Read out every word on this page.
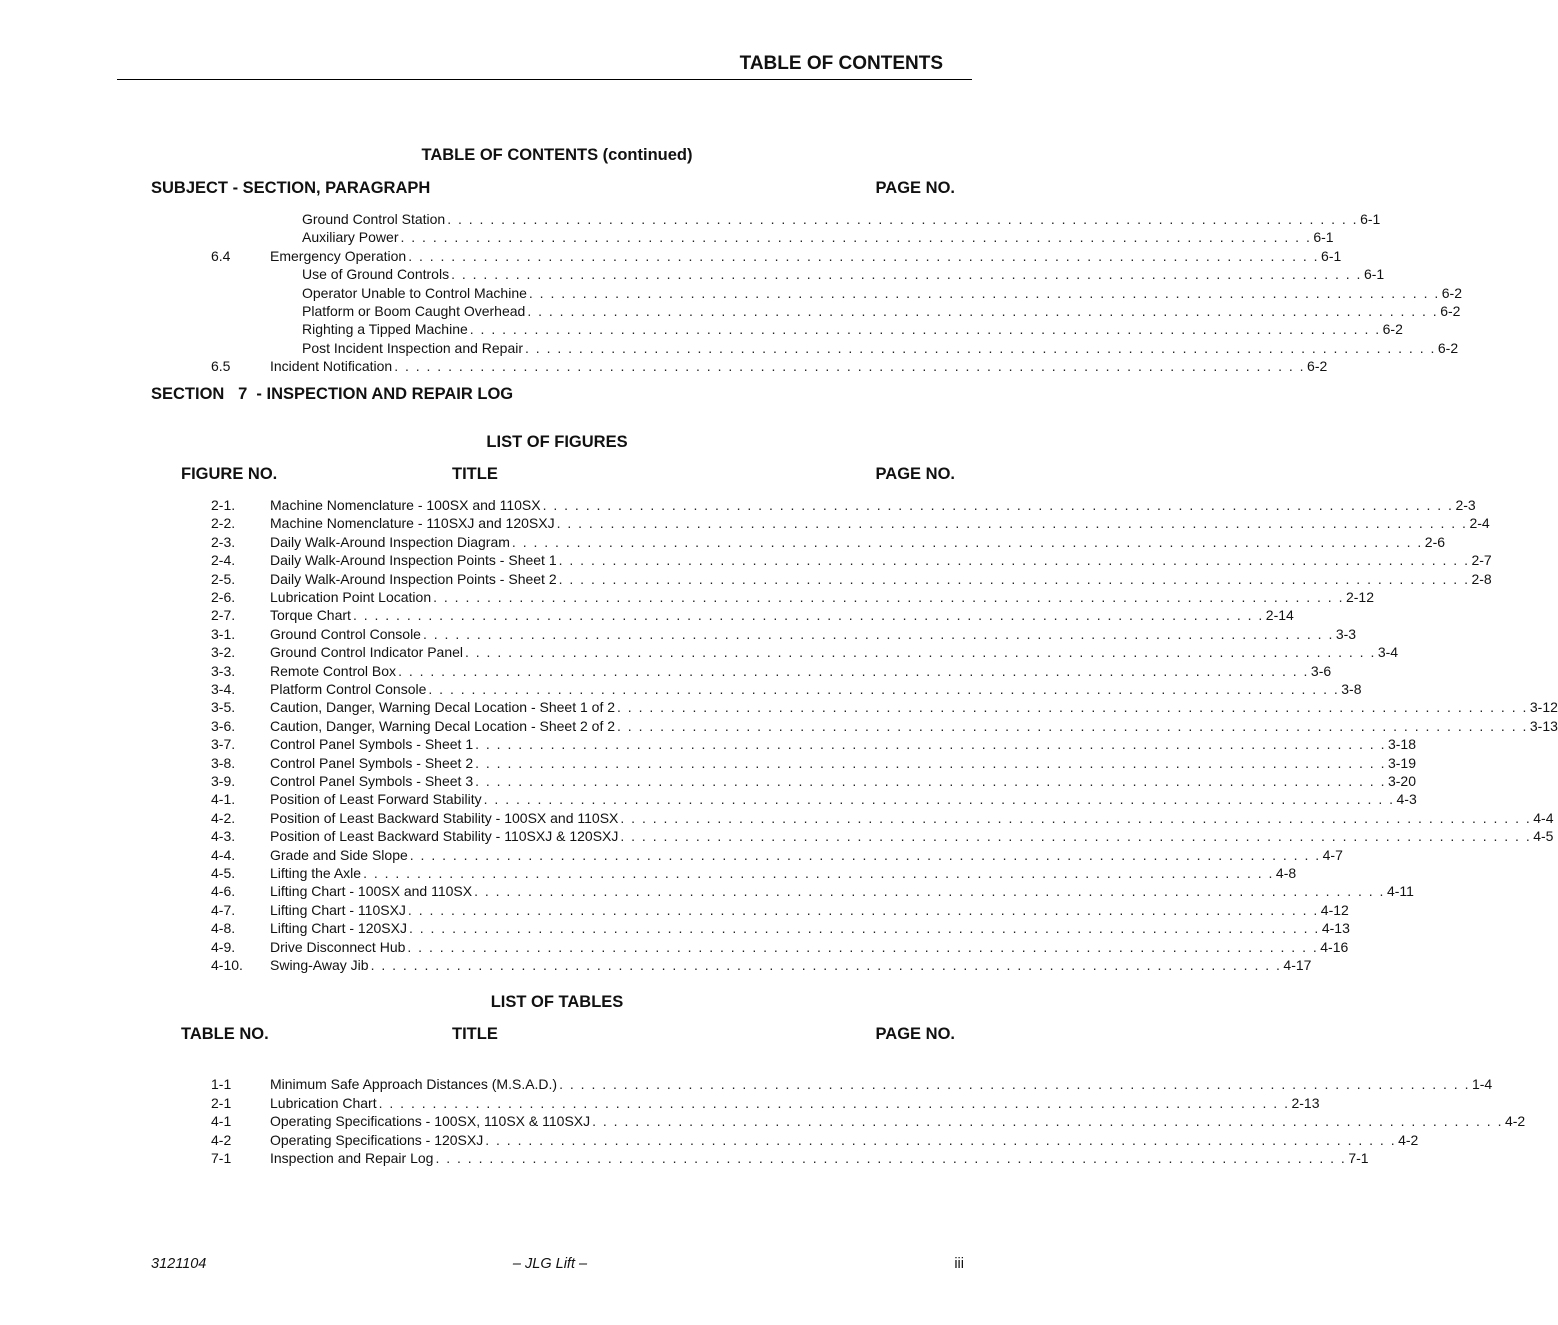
TABLE OF CONTENTS
TABLE OF CONTENTS (continued)
SUBJECT - SECTION, PARAGRAPH	PAGE NO.
Ground Control Station . . . . . . . . . . . . . . . . . . . . . . . . . . . . . . . . . . . . . . . . . . . . . . . . . . . . . . . . . . . . . . . . . . . . . . . . . . . . . . . . . . . . . 6-1
Auxiliary Power . . . . . . . . . . . . . . . . . . . . . . . . . . . . . . . . . . . . . . . . . . . . . . . . . . . . . . . . . . . . . . . . . . . . . . . . . . . . . . . . . . . . . 6-1
6.4	Emergency Operation . . . . . . . . . . . . . . . . . . . . . . . . . . . . . . . . . . . . . . . . . . . . . . . . . . . . . . . . . . . . . . . . . . . . . . . . . . . . . . . . . . . . . 6-1
Use of Ground Controls . . . . . . . . . . . . . . . . . . . . . . . . . . . . . . . . . . . . . . . . . . . . . . . . . . . . . . . . . . . . . . . . . . . . . . . . . . . . . . . . . . . . . 6-1
Operator Unable to Control Machine . . . . . . . . . . . . . . . . . . . . . . . . . . . . . . . . . . . . . . . . . . . . . . . . . . . . . . . . . . . . . . . . . . . . . . . . . . . . . . . . . . . . . 6-2
Platform or Boom Caught Overhead . . . . . . . . . . . . . . . . . . . . . . . . . . . . . . . . . . . . . . . . . . . . . . . . . . . . . . . . . . . . . . . . . . . . . . . . . . . . . . . . . . . . . 6-2
Righting a Tipped Machine . . . . . . . . . . . . . . . . . . . . . . . . . . . . . . . . . . . . . . . . . . . . . . . . . . . . . . . . . . . . . . . . . . . . . . . . . . . . . . . . . . . . . 6-2
Post Incident Inspection and Repair . . . . . . . . . . . . . . . . . . . . . . . . . . . . . . . . . . . . . . . . . . . . . . . . . . . . . . . . . . . . . . . . . . . . . . . . . . . . . . . . . . . . . 6-2
6.5	Incident Notification . . . . . . . . . . . . . . . . . . . . . . . . . . . . . . . . . . . . . . . . . . . . . . . . . . . . . . . . . . . . . . . . . . . . . . . . . . . . . . . . . . . . . 6-2
SECTION   7  - INSPECTION AND REPAIR LOG
LIST OF FIGURES
FIGURE NO.	TITLE	PAGE NO.
2-1. Machine Nomenclature - 100SX and 110SX . . . . . . . . . . . . . . . . . . . . . . . . . . . . . . . . . . . . . . . . . . . . . . . . . . . . . . . . . . . . . . . . . . . . . . . . . . . . . . . . . . . . . 2-3
2-2. Machine Nomenclature - 110SXJ and 120SXJ . . . . . . . . . . . . . . . . . . . . . . . . . . . . . . . . . . . . . . . . . . . . . . . . . . . . . . . . . . . . . . . . . . . . . . . . . . . . . . . . . . . . . 2-4
2-3. Daily Walk-Around Inspection Diagram . . . . . . . . . . . . . . . . . . . . . . . . . . . . . . . . . . . . . . . . . . . . . . . . . . . . . . . . . . . . . . . . . . . . . . . . . . . . . . . . . . . . . 2-6
2-4. Daily Walk-Around Inspection Points - Sheet 1 . . . . . . . . . . . . . . . . . . . . . . . . . . . . . . . . . . . . . . . . . . . . . . . . . . . . . . . . . . . . . . . . . . . . . . . . . . . . . . . . . . . . . 2-7
2-5. Daily Walk-Around Inspection Points - Sheet 2 . . . . . . . . . . . . . . . . . . . . . . . . . . . . . . . . . . . . . . . . . . . . . . . . . . . . . . . . . . . . . . . . . . . . . . . . . . . . . . . . . . . . . 2-8
2-6. Lubrication Point Location . . . . . . . . . . . . . . . . . . . . . . . . . . . . . . . . . . . . . . . . . . . . . . . . . . . . . . . . . . . . . . . . . . . . . . . . . . . . . . . . . . . . . 2-12
2-7. Torque Chart . . . . . . . . . . . . . . . . . . . . . . . . . . . . . . . . . . . . . . . . . . . . . . . . . . . . . . . . . . . . . . . . . . . . . . . . . . . . . . . . . . . . . 2-14
3-1. Ground Control Console . . . . . . . . . . . . . . . . . . . . . . . . . . . . . . . . . . . . . . . . . . . . . . . . . . . . . . . . . . . . . . . . . . . . . . . . . . . . . . . . . . . . . 3-3
3-2. Ground Control Indicator Panel . . . . . . . . . . . . . . . . . . . . . . . . . . . . . . . . . . . . . . . . . . . . . . . . . . . . . . . . . . . . . . . . . . . . . . . . . . . . . . . . . . . . . 3-4
3-3. Remote Control Box . . . . . . . . . . . . . . . . . . . . . . . . . . . . . . . . . . . . . . . . . . . . . . . . . . . . . . . . . . . . . . . . . . . . . . . . . . . . . . . . . . . . . 3-6
3-4. Platform Control Console . . . . . . . . . . . . . . . . . . . . . . . . . . . . . . . . . . . . . . . . . . . . . . . . . . . . . . . . . . . . . . . . . . . . . . . . . . . . . . . . . . . . . 3-8
3-5. Caution, Danger, Warning Decal Location - Sheet 1 of 2 . . . . . . . . . . . . . . . . . . . . . . . . . . . . . . . . . . . . . . . . . . . . . . . . . . . . . . . . . . . . . . . . . . . . . . . . . . . . . . . . . . . . . 3-12
3-6. Caution, Danger, Warning Decal Location - Sheet 2 of 2 . . . . . . . . . . . . . . . . . . . . . . . . . . . . . . . . . . . . . . . . . . . . . . . . . . . . . . . . . . . . . . . . . . . . . . . . . . . . . . . . . . . . . 3-13
3-7. Control Panel Symbols - Sheet 1 . . . . . . . . . . . . . . . . . . . . . . . . . . . . . . . . . . . . . . . . . . . . . . . . . . . . . . . . . . . . . . . . . . . . . . . . . . . . . . . . . . . . . 3-18
3-8. Control Panel Symbols - Sheet 2 . . . . . . . . . . . . . . . . . . . . . . . . . . . . . . . . . . . . . . . . . . . . . . . . . . . . . . . . . . . . . . . . . . . . . . . . . . . . . . . . . . . . . 3-19
3-9. Control Panel Symbols - Sheet 3 . . . . . . . . . . . . . . . . . . . . . . . . . . . . . . . . . . . . . . . . . . . . . . . . . . . . . . . . . . . . . . . . . . . . . . . . . . . . . . . . . . . . . 3-20
4-1. Position of Least Forward Stability . . . . . . . . . . . . . . . . . . . . . . . . . . . . . . . . . . . . . . . . . . . . . . . . . . . . . . . . . . . . . . . . . . . . . . . . . . . . . . . . . . . . . 4-3
4-2. Position of Least Backward Stability - 100SX and 110SX . . . . . . . . . . . . . . . . . . . . . . . . . . . . . . . . . . . . . . . . . . . . . . . . . . . . . . . . . . . . . . . . . . . . . . . . . . . . . . . . . . . . . 4-4
4-3. Position of Least Backward Stability - 110SXJ & 120SXJ . . . . . . . . . . . . . . . . . . . . . . . . . . . . . . . . . . . . . . . . . . . . . . . . . . . . . . . . . . . . . . . . . . . . . . . . . . . . . . . . . . . . . 4-5
4-4. Grade and Side Slope . . . . . . . . . . . . . . . . . . . . . . . . . . . . . . . . . . . . . . . . . . . . . . . . . . . . . . . . . . . . . . . . . . . . . . . . . . . . . . . . . . . . . 4-7
4-5. Lifting the Axle . . . . . . . . . . . . . . . . . . . . . . . . . . . . . . . . . . . . . . . . . . . . . . . . . . . . . . . . . . . . . . . . . . . . . . . . . . . . . . . . . . . . . 4-8
4-6. Lifting Chart - 100SX and 110SX . . . . . . . . . . . . . . . . . . . . . . . . . . . . . . . . . . . . . . . . . . . . . . . . . . . . . . . . . . . . . . . . . . . . . . . . . . . . . . . . . . . . . 4-11
4-7. Lifting Chart - 110SXJ . . . . . . . . . . . . . . . . . . . . . . . . . . . . . . . . . . . . . . . . . . . . . . . . . . . . . . . . . . . . . . . . . . . . . . . . . . . . . . . . . . . . . 4-12
4-8. Lifting Chart - 120SXJ . . . . . . . . . . . . . . . . . . . . . . . . . . . . . . . . . . . . . . . . . . . . . . . . . . . . . . . . . . . . . . . . . . . . . . . . . . . . . . . . . . . . . 4-13
4-9. Drive Disconnect Hub . . . . . . . . . . . . . . . . . . . . . . . . . . . . . . . . . . . . . . . . . . . . . . . . . . . . . . . . . . . . . . . . . . . . . . . . . . . . . . . . . . . . . 4-16
4-10. Swing-Away Jib . . . . . . . . . . . . . . . . . . . . . . . . . . . . . . . . . . . . . . . . . . . . . . . . . . . . . . . . . . . . . . . . . . . . . . . . . . . . . . . . . . . . . 4-17
LIST OF TABLES
TABLE NO.	TITLE	PAGE NO.
1-1	Minimum Safe Approach Distances (M.S.A.D.) . . . . . . . . . . . . . . . . . . . . . . . . . . . . . . . . . . . . . . . . . . . . . . . . . . . . . . . . . . . . . . . . . . . . . . . . . . . . . . . . . . . . . 1-4
2-1	Lubrication Chart . . . . . . . . . . . . . . . . . . . . . . . . . . . . . . . . . . . . . . . . . . . . . . . . . . . . . . . . . . . . . . . . . . . . . . . . . . . . . . . . . . . . . 2-13
4-1	Operating Specifications - 100SX, 110SX & 110SXJ . . . . . . . . . . . . . . . . . . . . . . . . . . . . . . . . . . . . . . . . . . . . . . . . . . . . . . . . . . . . . . . . . . . . . . . . . . . . . . . . . . . . . 4-2
4-2	Operating Specifications - 120SXJ . . . . . . . . . . . . . . . . . . . . . . . . . . . . . . . . . . . . . . . . . . . . . . . . . . . . . . . . . . . . . . . . . . . . . . . . . . . . . . . . . . . . . 4-2
7-1	Inspection and Repair Log . . . . . . . . . . . . . . . . . . . . . . . . . . . . . . . . . . . . . . . . . . . . . . . . . . . . . . . . . . . . . . . . . . . . . . . . . . . . . . . . . . . . . 7-1
3121104	– JLG Lift –	iii
